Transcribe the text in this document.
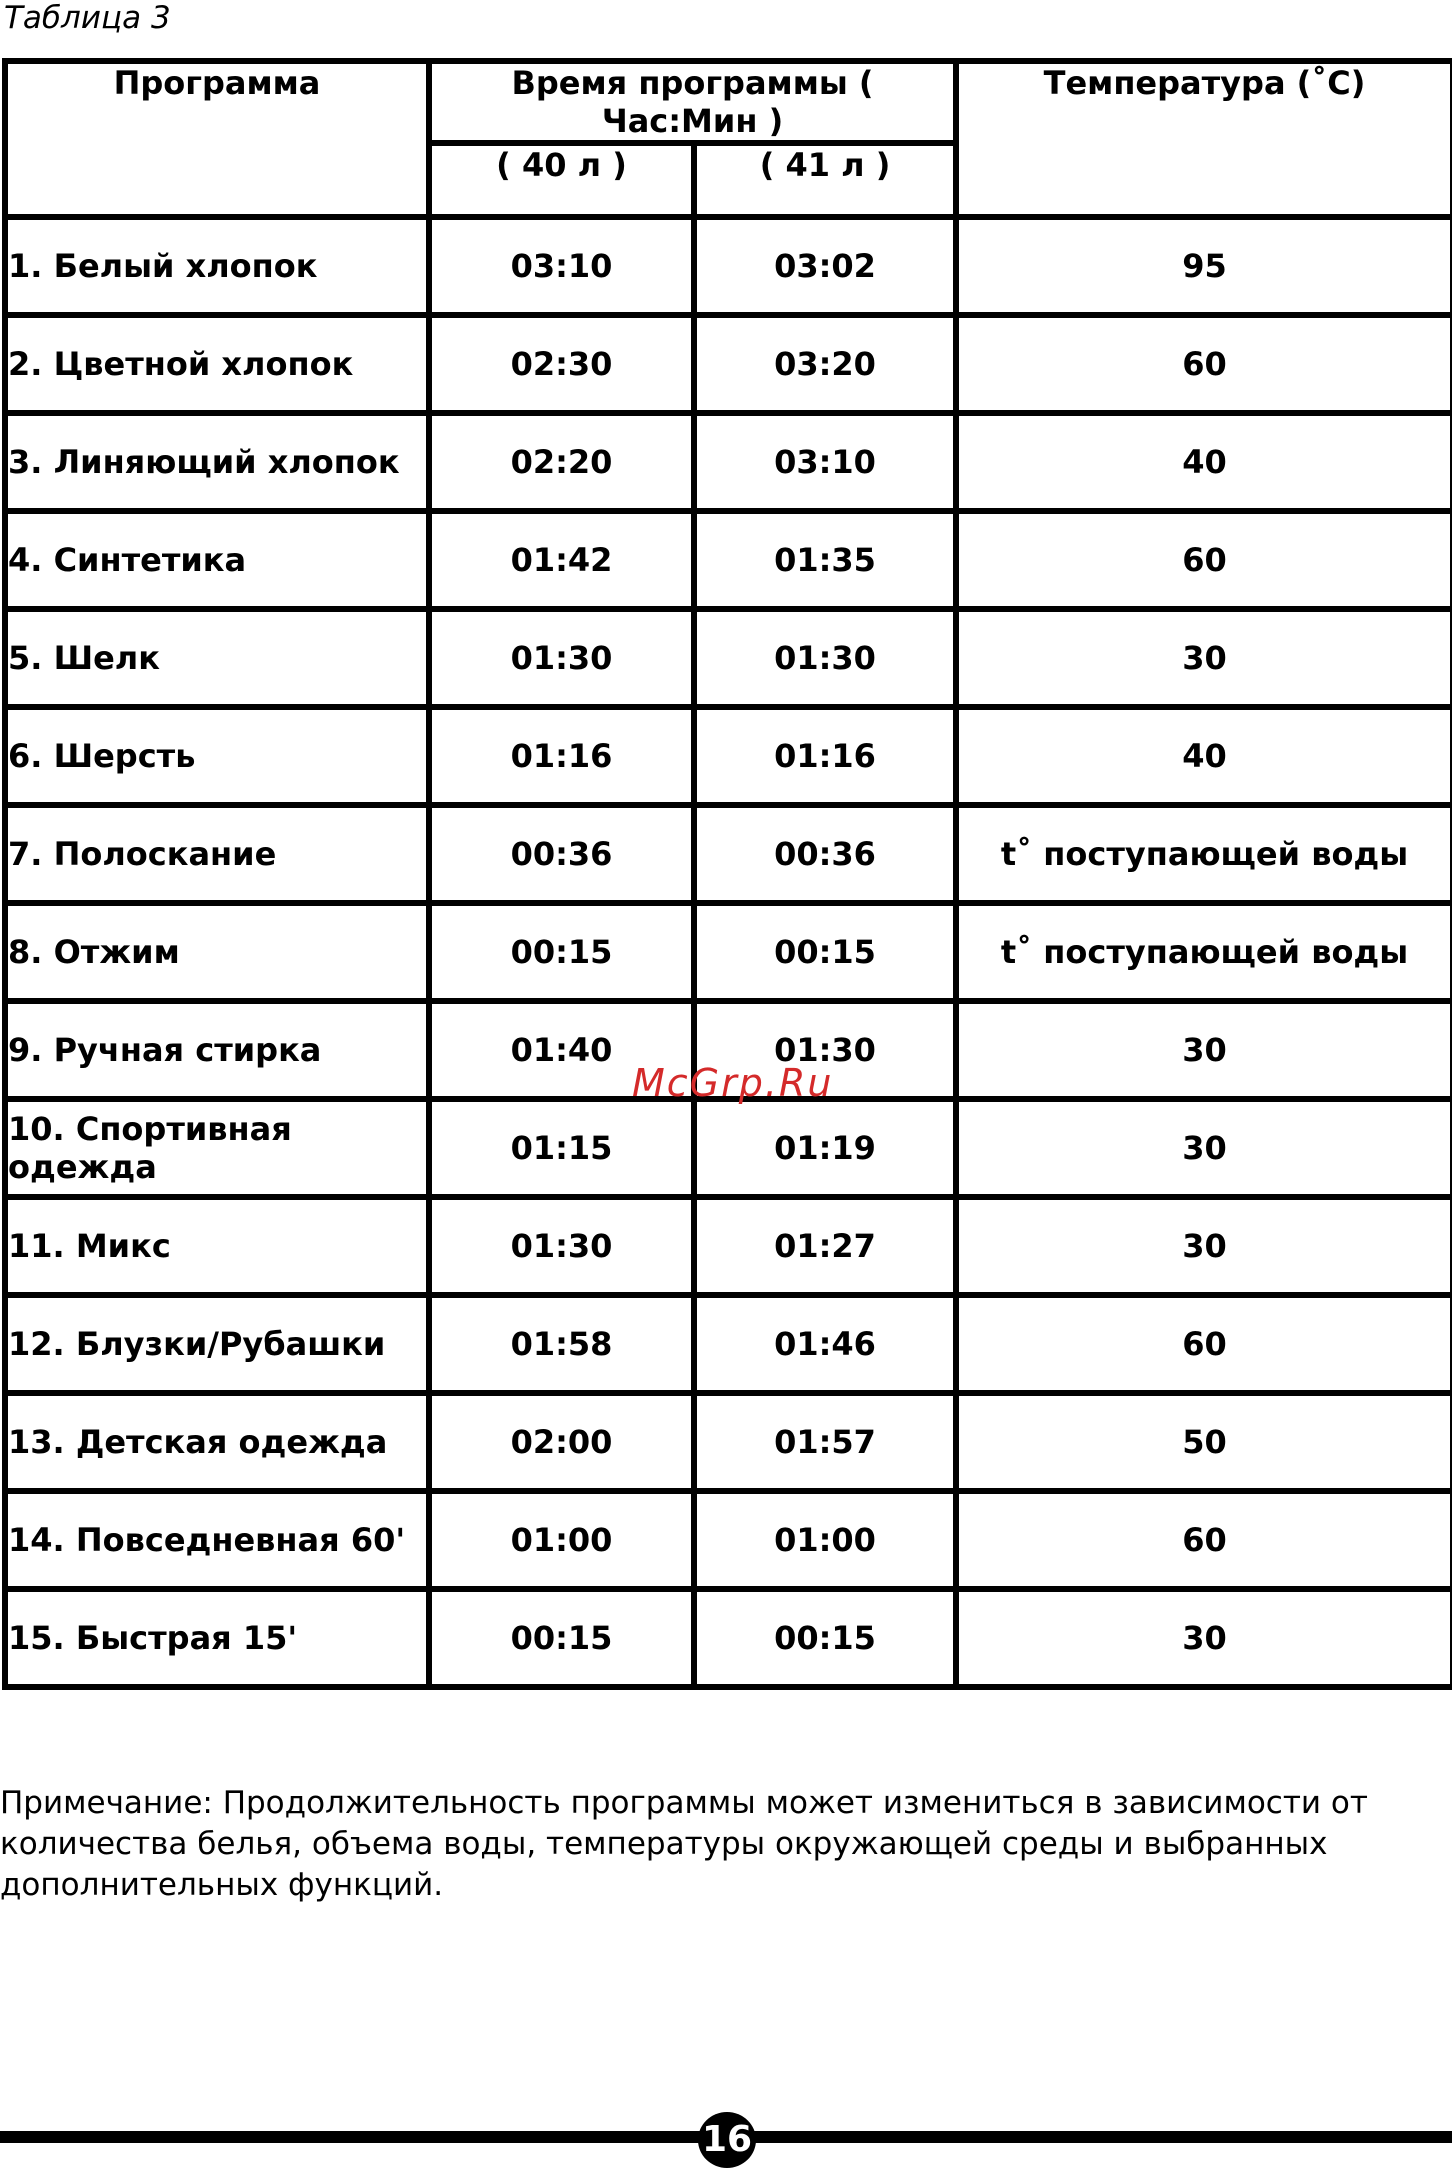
Таблица 3
Программа	Время программы ( Час:Мин )		Температура (˚C)
	( 40 л )	( 41 л )	
1. Белый хлопок	03:10	03:02	95
2. Цветной хлопок	02:30	03:20	60
3. Линяющий хлопок	02:20	03:10	40
4. Синтетика	01:42	01:35	60
5. Шелк	01:30	01:30	30
6. Шерсть	01:16	01:16	40
7. Полоскание	00:36	00:36	t˚ поступающей воды
8. Отжим	00:15	00:15	t˚ поступающей воды
9. Ручная стирка	01:40	01:30	30
10. Спортивная одежда	01:15	01:19	30
11. Микс	01:30	01:27	30
12. Блузки/Рубашки	01:58	01:46	60
13. Детская одежда	02:00	01:57	50
14. Повседневная 60'	01:00	01:00	60
15. Быстрая 15'	00:15	00:15	30
McGrp.Ru
Примечание: Продолжительность программы может измениться в зависимости от количества белья, объема воды, температуры окружающей среды и выбранных дополнительных функций.
16
